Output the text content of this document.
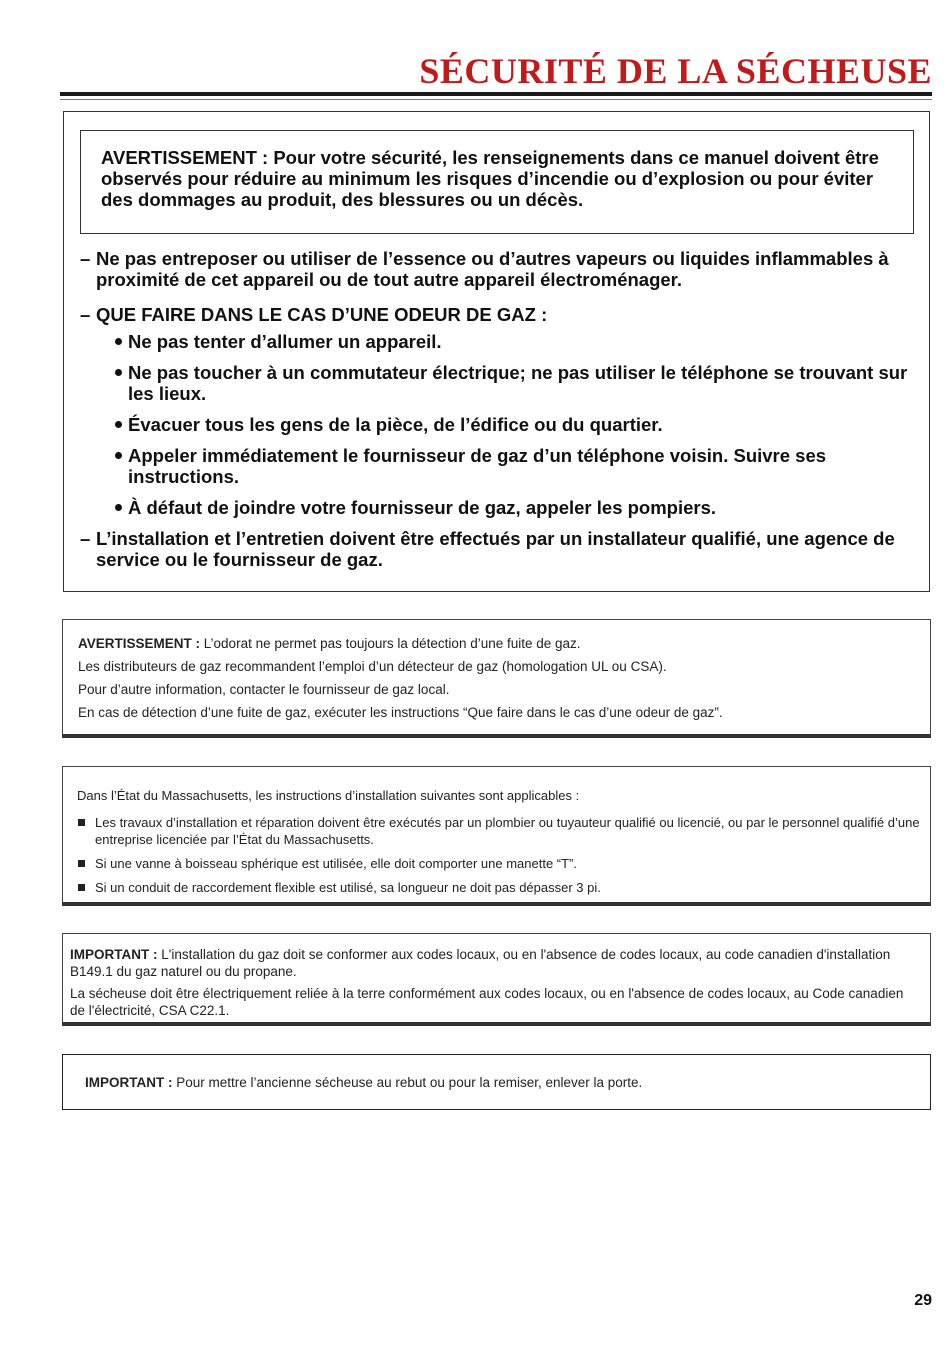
SÉCURITÉ DE LA SÉCHEUSE
AVERTISSEMENT : Pour votre sécurité, les renseignements dans ce manuel doivent être observés pour réduire au minimum les risques d’incendie ou d’explosion ou pour éviter des dommages au produit, des blessures ou un décès.
– Ne pas entreposer ou utiliser de l’essence ou d’autres vapeurs ou liquides inflammables à proximité de cet appareil ou de tout autre appareil électroménager.
– QUE FAIRE DANS LE CAS D’UNE ODEUR DE GAZ :
Ne pas tenter d’allumer un appareil.
Ne pas toucher à un commutateur électrique; ne pas utiliser le téléphone se trouvant sur les lieux.
Évacuer tous les gens de la pièce, de l’édifice ou du quartier.
Appeler immédiatement le fournisseur de gaz d’un téléphone voisin. Suivre ses instructions.
À défaut de joindre votre fournisseur de gaz, appeler les pompiers.
– L’installation et l’entretien doivent être effectués par un installateur qualifié, une agence de service ou le fournisseur de gaz.

AVERTISSEMENT : L’odorat ne permet pas toujours la détection d’une fuite de gaz.

Les distributeurs de gaz recommandent l’emploi d’un détecteur de gaz (homologation UL ou CSA).

Pour d’autre information, contacter le fournisseur de gaz local.

En cas de détection d’une fuite de gaz, exécuter les instructions “Que faire dans le cas d’une odeur de gaz”.

Dans l’État du Massachusetts, les instructions d’installation suivantes sont applicables :

Les travaux d’installation et réparation doivent être exécutés par un plombier ou tuyauteur qualifié ou licencié, ou par le personnel qualifié d’une entreprise licenciée par l’État du Massachusetts.
Si une vanne à boisseau sphérique est utilisée, elle doit comporter une manette “T”.
Si un conduit de raccordement flexible est utilisé, sa longueur ne doit pas dépasser 3 pi.

IMPORTANT : L'installation du gaz doit se conformer aux codes locaux, ou en l'absence de codes locaux, au code canadien d'installation B149.1 du gaz naturel ou du propane.

La sécheuse doit être électriquement reliée à la terre conformément aux codes locaux, ou en l'absence de codes locaux, au Code canadien de l'électricité, CSA C22.1.

IMPORTANT : Pour mettre l’ancienne sécheuse au rebut ou pour la remiser, enlever la porte.
29
